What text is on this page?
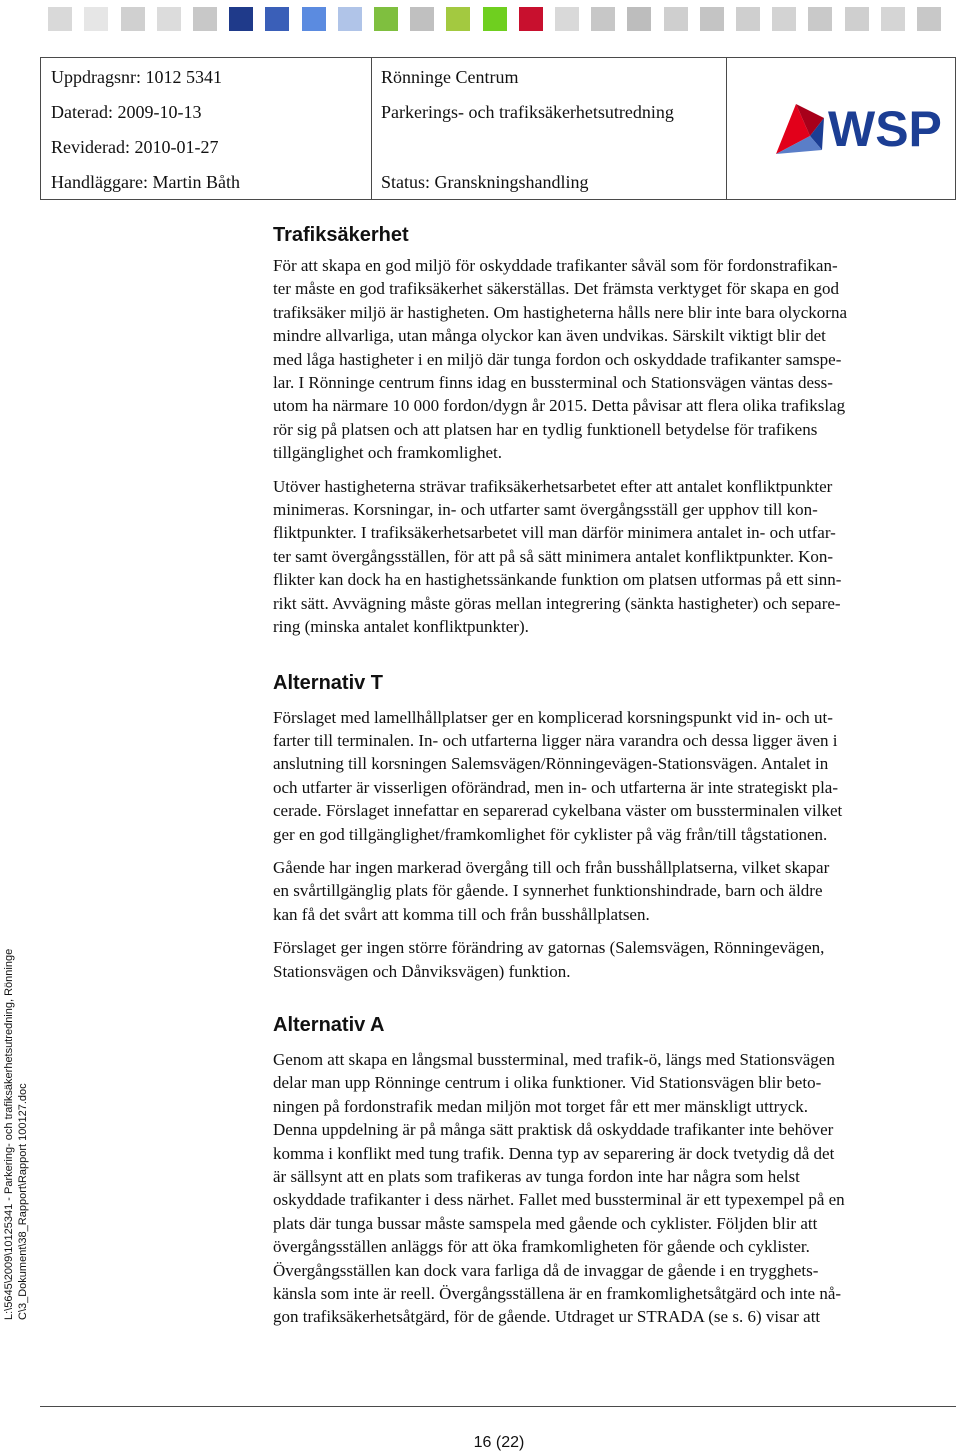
Uppdragsnr: 1012 5341
Daterad: 2009-10-13
Reviderad: 2010-01-27
Handläggare: Martin Båth
Rönninge Centrum
Parkerings- och trafiksäkerhetsutredning
Status: Granskningshandling
WSP
Trafiksäkerhet

För att skapa en god miljö för oskyddade trafikanter såväl som för fordonstrafikan-
ter måste en god trafiksäkerhet säkerställas. Det främsta verktyget för skapa en god
trafiksäker miljö är hastigheten. Om hastigheterna hålls nere blir inte bara olyckorna
mindre allvarliga, utan många olyckor kan även undvikas. Särskilt viktigt blir det
med låga hastigheter i en miljö där tunga fordon och oskyddade trafikanter samspe-
lar. I Rönninge centrum finns idag en bussterminal och Stationsvägen väntas dess-
utom ha närmare 10 000 fordon/dygn år 2015. Detta påvisar att flera olika trafikslag
rör sig på platsen och att platsen har en tydlig funktionell betydelse för trafikens
tillgänglighet och framkomlighet.

Utöver hastigheterna strävar trafiksäkerhetsarbetet efter att antalet konfliktpunkter
minimeras. Korsningar, in- och utfarter samt övergångsställ ger upphov till kon-
fliktpunkter. I trafiksäkerhetsarbetet vill man därför minimera antalet in- och utfar-
ter samt övergångsställen, för att på så sätt minimera antalet konfliktpunkter. Kon-
flikter kan dock ha en hastighetssänkande funktion om platsen utformas på ett sinn-
rikt sätt. Avvägning måste göras mellan integrering (sänkta hastigheter) och separe-
ring (minska antalet konfliktpunkter).

Alternativ T

Förslaget med lamellhållplatser ger en komplicerad korsningspunkt vid in- och ut-
farter till terminalen. In- och utfarterna ligger nära varandra och dessa ligger även i
anslutning till korsningen Salemsvägen/Rönningevägen-Stationsvägen. Antalet in
och utfarter är visserligen oförändrad, men in- och utfarterna är inte strategiskt pla-
cerade. Förslaget innefattar en separerad cykelbana väster om bussterminalen vilket
ger en god tillgänglighet/framkomlighet för cyklister på väg från/till tågstationen.

Gående har ingen markerad övergång till och från busshållplatserna, vilket skapar
en svårtillgänglig plats för gående. I synnerhet funktionshindrade, barn och äldre
kan få det svårt att komma till och från busshållplatsen.

Förslaget ger ingen större förändring av gatornas (Salemsvägen, Rönningevägen,
Stationsvägen och Dånviksvägen) funktion.

Alternativ A

Genom att skapa en långsmal bussterminal, med trafik-ö, längs med Stationsvägen
delar man upp Rönninge centrum i olika funktioner. Vid Stationsvägen blir beto-
ningen på fordonstrafik medan miljön mot torget får ett mer mänskligt uttryck.
Denna uppdelning är på många sätt praktisk då oskyddade trafikanter inte behöver
komma i konflikt med tung trafik. Denna typ av separering är dock tvetydig då det
är sällsynt att en plats som trafikeras av tunga fordon inte har några som helst
oskyddade trafikanter i dess närhet. Fallet med bussterminal är ett typexempel på en
plats där tunga bussar måste samspela med gående och cyklister. Följden blir att
övergångsställen anläggs för att öka framkomligheten för gående och cyklister.
Övergångsställen kan dock vara farliga då de invaggar de gående i en trygghets-
känsla som inte är reell. Övergångsställena är en framkomlighetsåtgärd och inte nå-
gon trafiksäkerhetsåtgärd, för de gående. Utdraget ur STRADA (se s. 6) visar att

L:\5645\2009\10125341 - Parkering- och trafiksäkerhetsutredning, Rönninge C\3_Dokument\38_Rapport\Rapport 100127.doc
16 (22)
